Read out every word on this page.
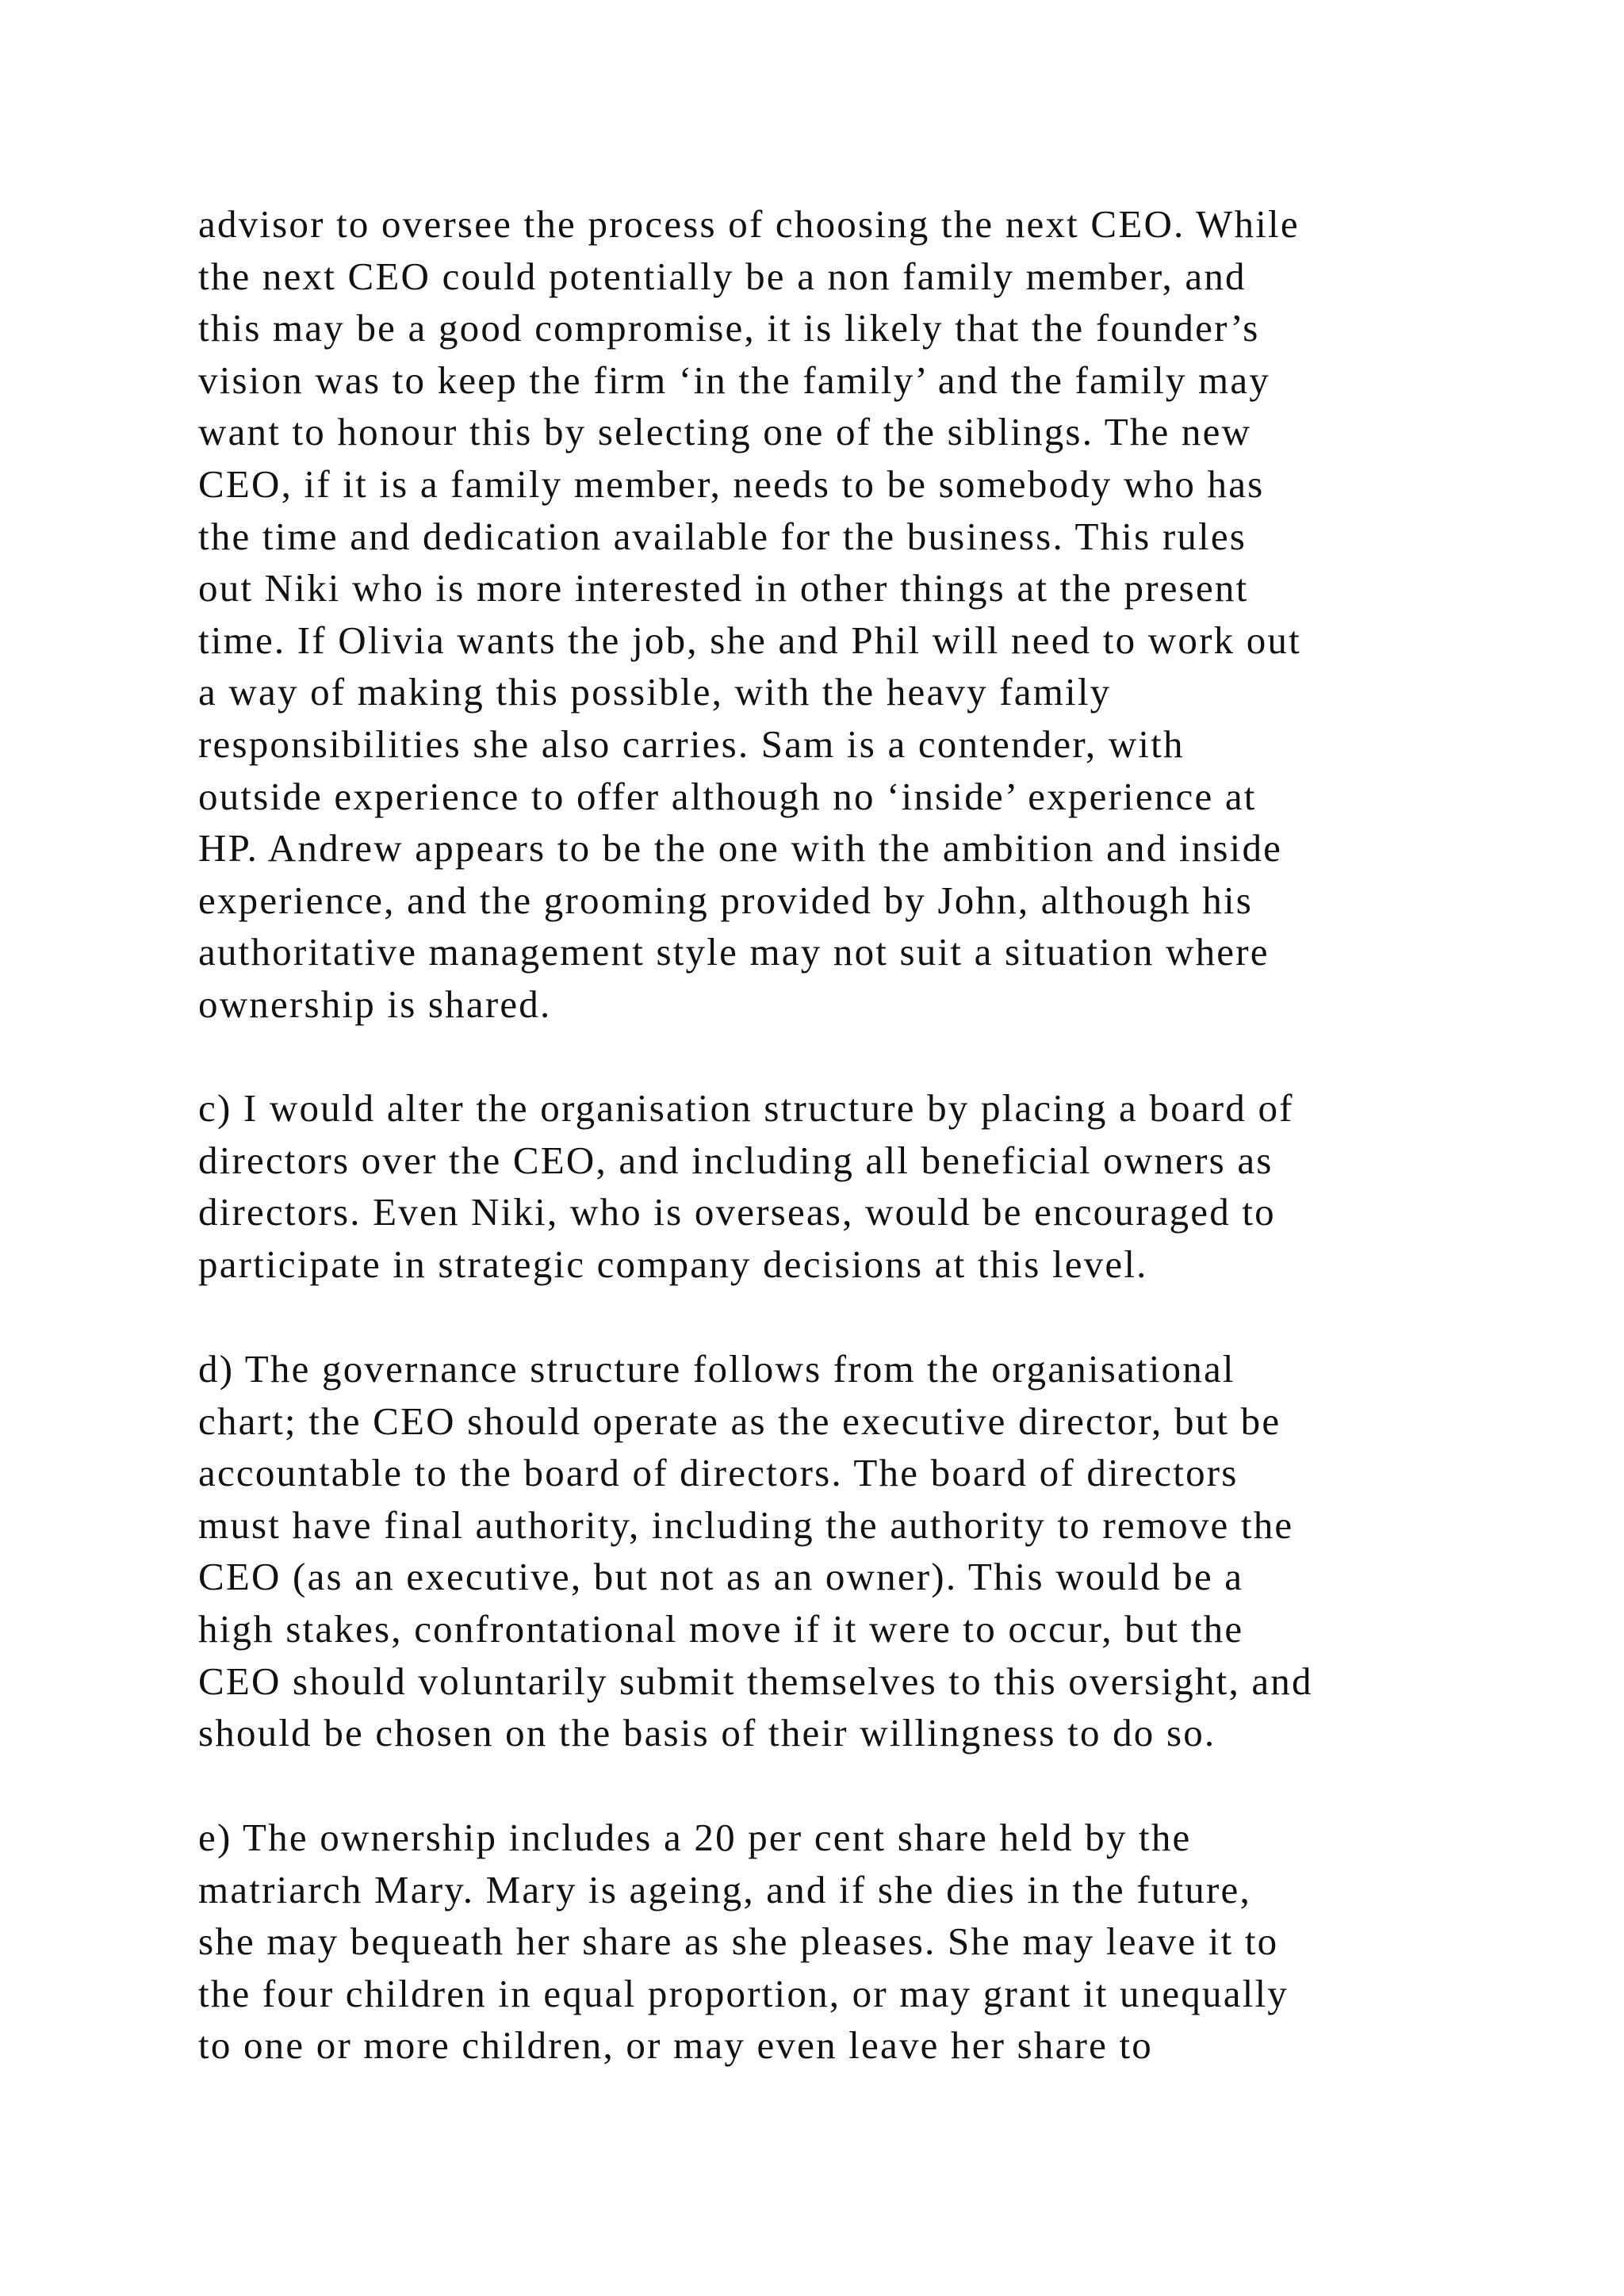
advisor to oversee the process of choosing the next CEO. While
the next CEO could potentially be a non family member, and
this may be a good compromise, it is likely that the founder’s
vision was to keep the firm ‘in the family’ and the family may
want to honour this by selecting one of the siblings. The new
CEO, if it is a family member, needs to be somebody who has
the time and dedication available for the business. This rules
out Niki who is more interested in other things at the present
time. If Olivia wants the job, she and Phil will need to work out
a way of making this possible, with the heavy family
responsibilities she also carries. Sam is a contender, with
outside experience to offer although no ‘inside’ experience at
HP. Andrew appears to be the one with the ambition and inside
experience, and the grooming provided by John, although his
authoritative management style may not suit a situation where
ownership is shared.
c) I would alter the organisation structure by placing a board of
directors over the CEO, and including all beneficial owners as
directors. Even Niki, who is overseas, would be encouraged to
participate in strategic company decisions at this level.
d) The governance structure follows from the organisational
chart; the CEO should operate as the executive director, but be
accountable to the board of directors. The board of directors
must have final authority, including the authority to remove the
CEO (as an executive, but not as an owner). This would be a
high stakes, confrontational move if it were to occur, but the
CEO should voluntarily submit themselves to this oversight, and
should be chosen on the basis of their willingness to do so.
e) The ownership includes a 20 per cent share held by the
matriarch Mary. Mary is ageing, and if she dies in the future,
she may bequeath her share as she pleases. She may leave it to
the four children in equal proportion, or may grant it unequally
to one or more children, or may even leave her share to
